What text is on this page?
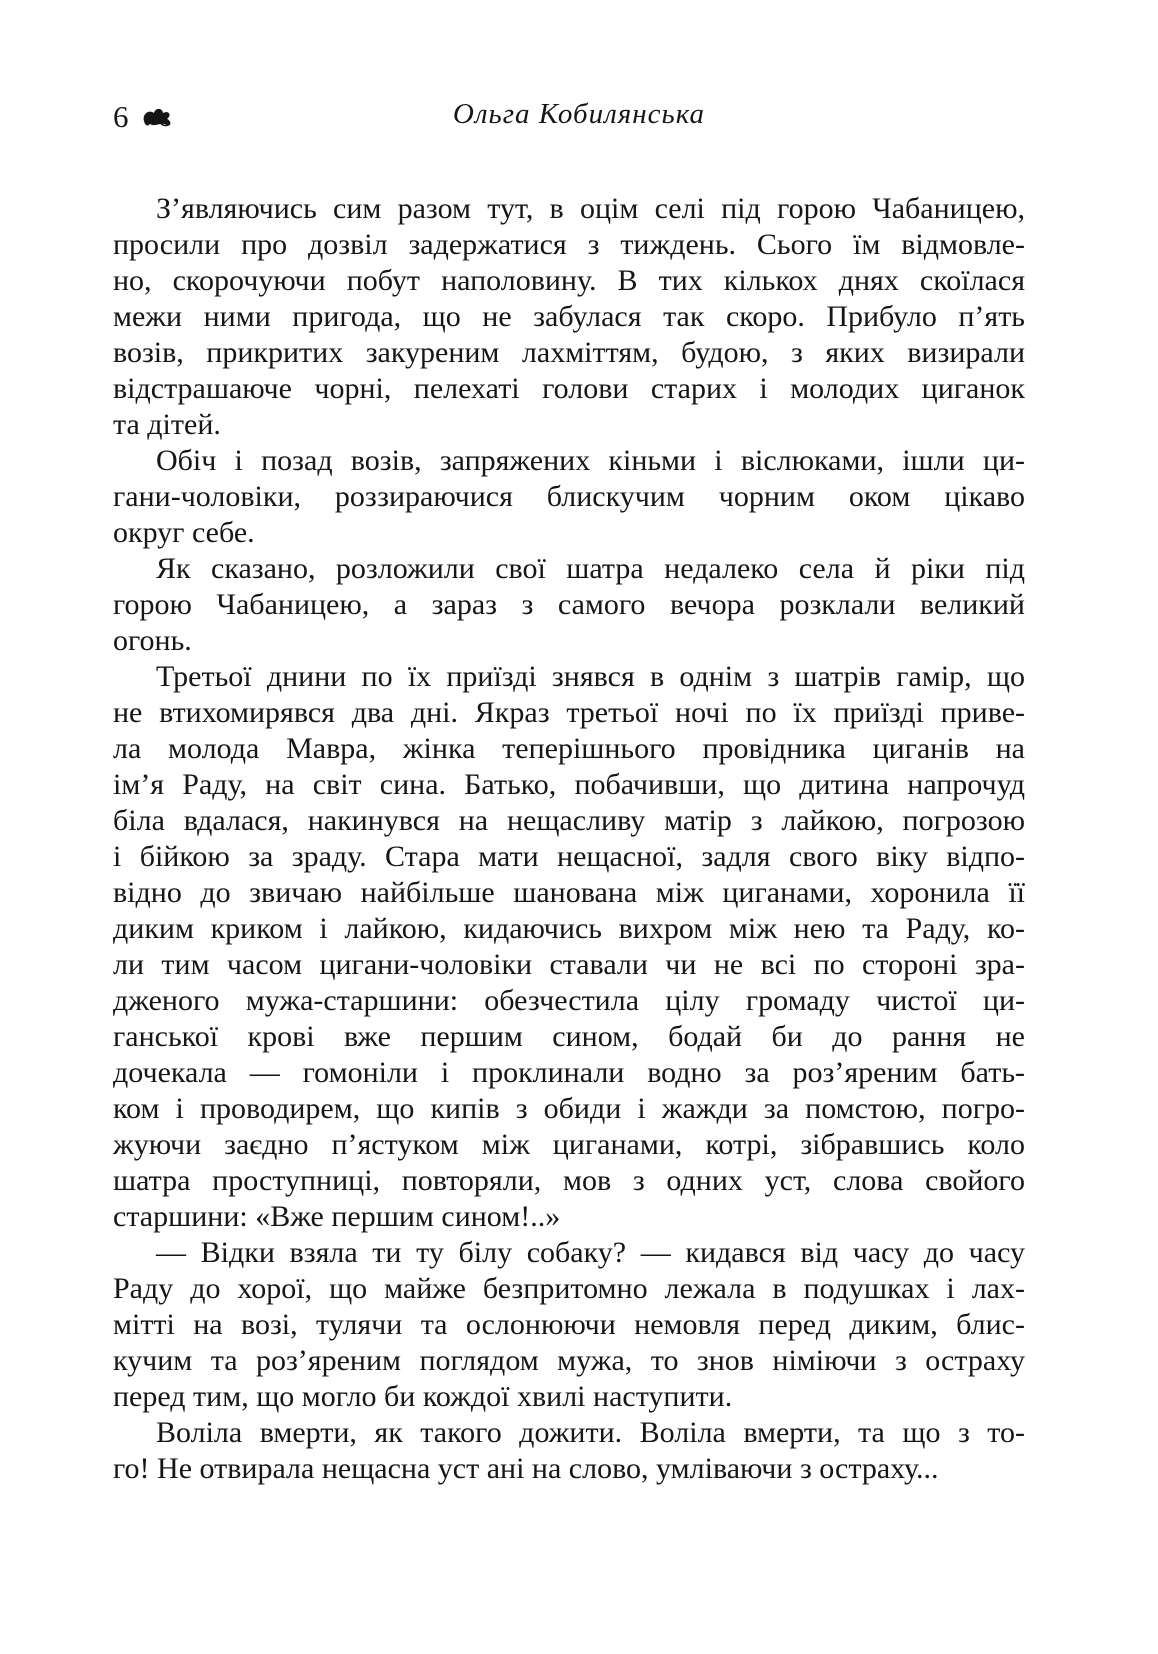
6	Ольга Кобилянська
З’являючись сим разом тут, в оцім селі під горою Чабаницею,
просили про дозвіл задержатися з тиждень. Сього їм відмовле-
но, скорочуючи побут наполовину. В тих кількох днях скоїлася
межи ними пригода, що не забулася так скоро. Прибуло п’ять
возів, прикритих закуреним лахміттям, будою, з яких визирали
відстрашаюче чорні, пелехаті голови старих і молодих циганок
та дітей.
Обіч і позад возів, запряжених кіньми і віслюками, ішли ци-
гани-чоловіки, роззираючися блискучим чорним оком цікаво
округ себе.
Як сказано, розложили свої шатра недалеко села й ріки під
горою Чабаницею, а зараз з самого вечора розклали великий
огонь.
Третьої днини по їх приїзді знявся в однім з шатрів гамір, що
не втихомирявся два дні. Якраз третьої ночі по їх приїзді приве-
ла молода Мавра, жінка теперішнього провідника циганів на
ім’я Раду, на світ сина. Батько, побачивши, що дитина напрочуд
біла вдалася, накинувся на нещасливу матір з лайкою, погрозою
і бійкою за зраду. Стара мати нещасної, задля свого віку відпо-
відно до звичаю найбільше шанована між циганами, хоронила її
диким криком і лайкою, кидаючись вихром між нею та Раду, ко-
ли тим часом цигани-чоловіки ставали чи не всі по стороні зра-
дженого мужа-старшини: обезчестила цілу громаду чистої ци-
ганської крові вже першим сином, бодай би до рання не
дочекала — гомоніли і проклинали водно за роз’яреним бать-
ком і проводирем, що кипів з обиди і жажди за помстою, погро-
жуючи заєдно п’ястуком між циганами, котрі, зібравшись коло
шатра проступниці, повторяли, мов з одних уст, слова свойого
старшини: «Вже першим сином!..»
— Відки взяла ти ту білу собаку? — кидався від часу до часу
Раду до хорої, що майже безпритомно лежала в подушках і лах-
мітті на возі, тулячи та ослонюючи немовля перед диким, блис-
кучим та роз’яреним поглядом мужа, то знов німіючи з остраху
перед тим, що могло би кождої хвилі наступити.
Воліла вмерти, як такого дожити. Воліла вмерти, та що з то-
го! Не отвирала нещасна уст ані на слово, умліваючи з остраху...
